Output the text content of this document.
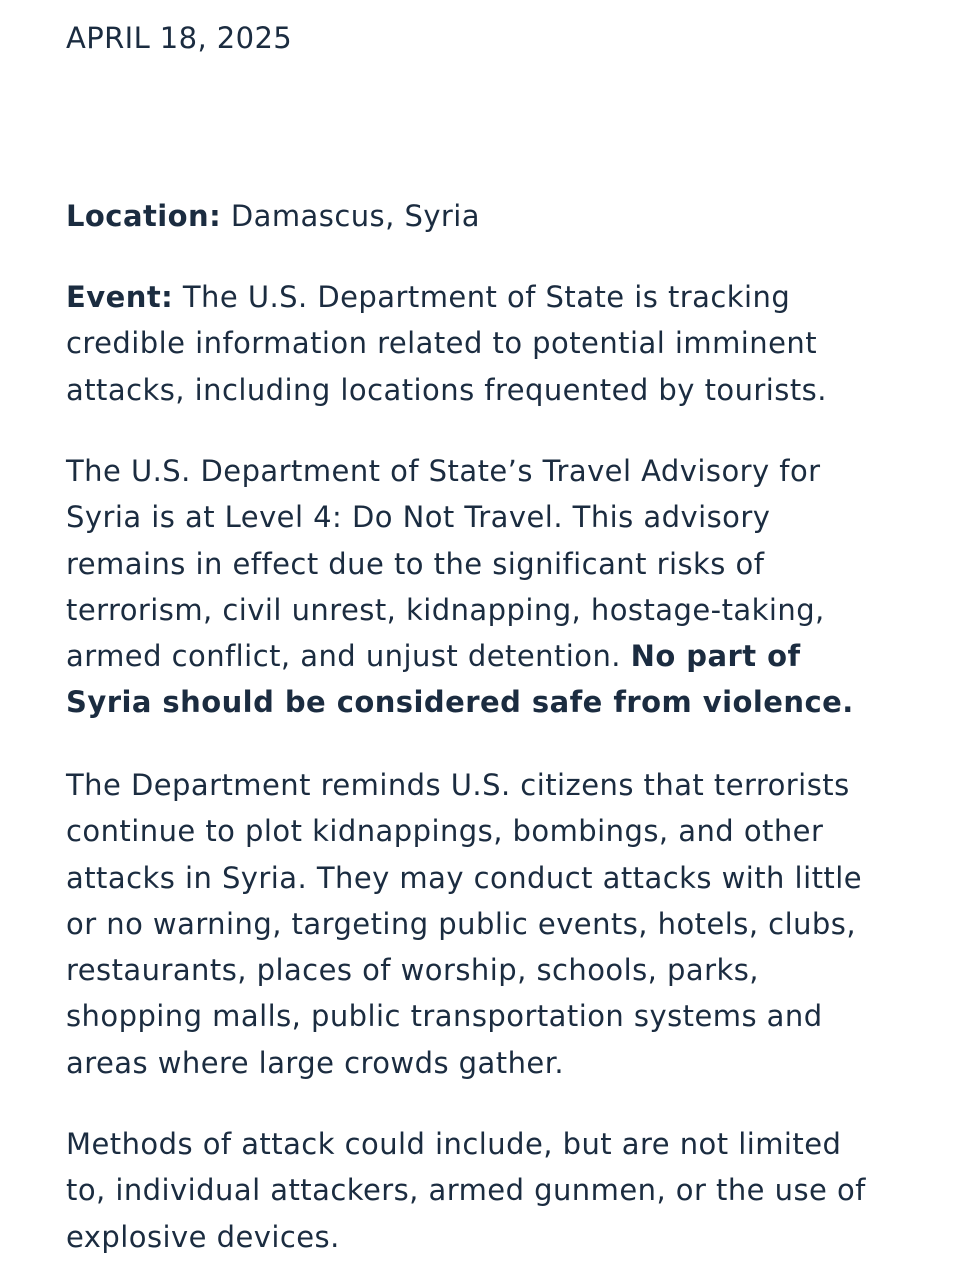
APRIL 18, 2025

Location: Damascus, Syria

Event: The U.S. Department of State is tracking
credible information related to potential imminent
attacks, including locations frequented by tourists.

The U.S. Department of State’s Travel Advisory for
Syria is at Level 4: Do Not Travel. This advisory
remains in effect due to the significant risks of
terrorism, civil unrest, kidnapping, hostage-taking,
armed conflict, and unjust detention. No part of
Syria should be considered safe from violence.

The Department reminds U.S. citizens that terrorists
continue to plot kidnappings, bombings, and other
attacks in Syria. They may conduct attacks with little
or no warning, targeting public events, hotels, clubs,
restaurants, places of worship, schools, parks,
shopping malls, public transportation systems and
areas where large crowds gather.

Methods of attack could include, but are not limited
to, individual attackers, armed gunmen, or the use of
explosive devices.
